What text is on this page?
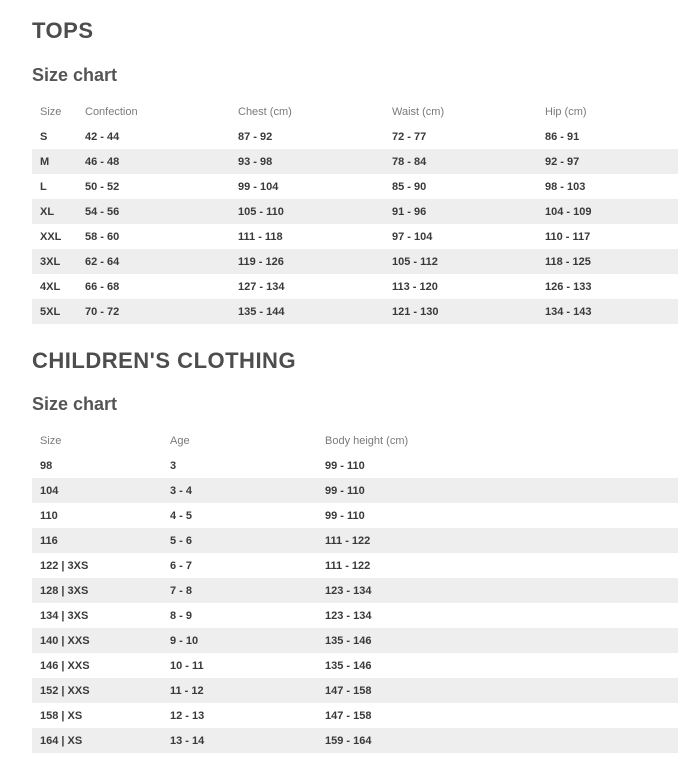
TOPS
Size chart
Size	Confection	Chest (cm)	Waist (cm)	Hip (cm)
S	42 - 44	87 - 92	72 - 77	86 - 91
M	46 - 48	93 - 98	78 - 84	92 - 97
L	50 - 52	99 - 104	85 - 90	98 - 103
XL	54 - 56	105 - 110	91 - 96	104 - 109
XXL	58 - 60	111 - 118	97 - 104	110 - 117
3XL	62 - 64	119 - 126	105 - 112	118 - 125
4XL	66 - 68	127 - 134	113 - 120	126 - 133
5XL	70 - 72	135 - 144	121 - 130	134 - 143
CHILDREN'S CLOTHING
Size chart
Size	Age	Body height (cm)
98	3	99 - 110
104	3 - 4	99 - 110
110	4 - 5	99 - 110
116	5 - 6	111 - 122
122 | 3XS	6 - 7	111 - 122
128 | 3XS	7 - 8	123 - 134
134 | 3XS	8 - 9	123 - 134
140 | XXS	9 - 10	135 - 146
146 | XXS	10 - 11	135 - 146
152 | XXS	11 - 12	147 - 158
158 | XS	12 - 13	147 - 158
164 | XS	13 - 14	159 - 164
